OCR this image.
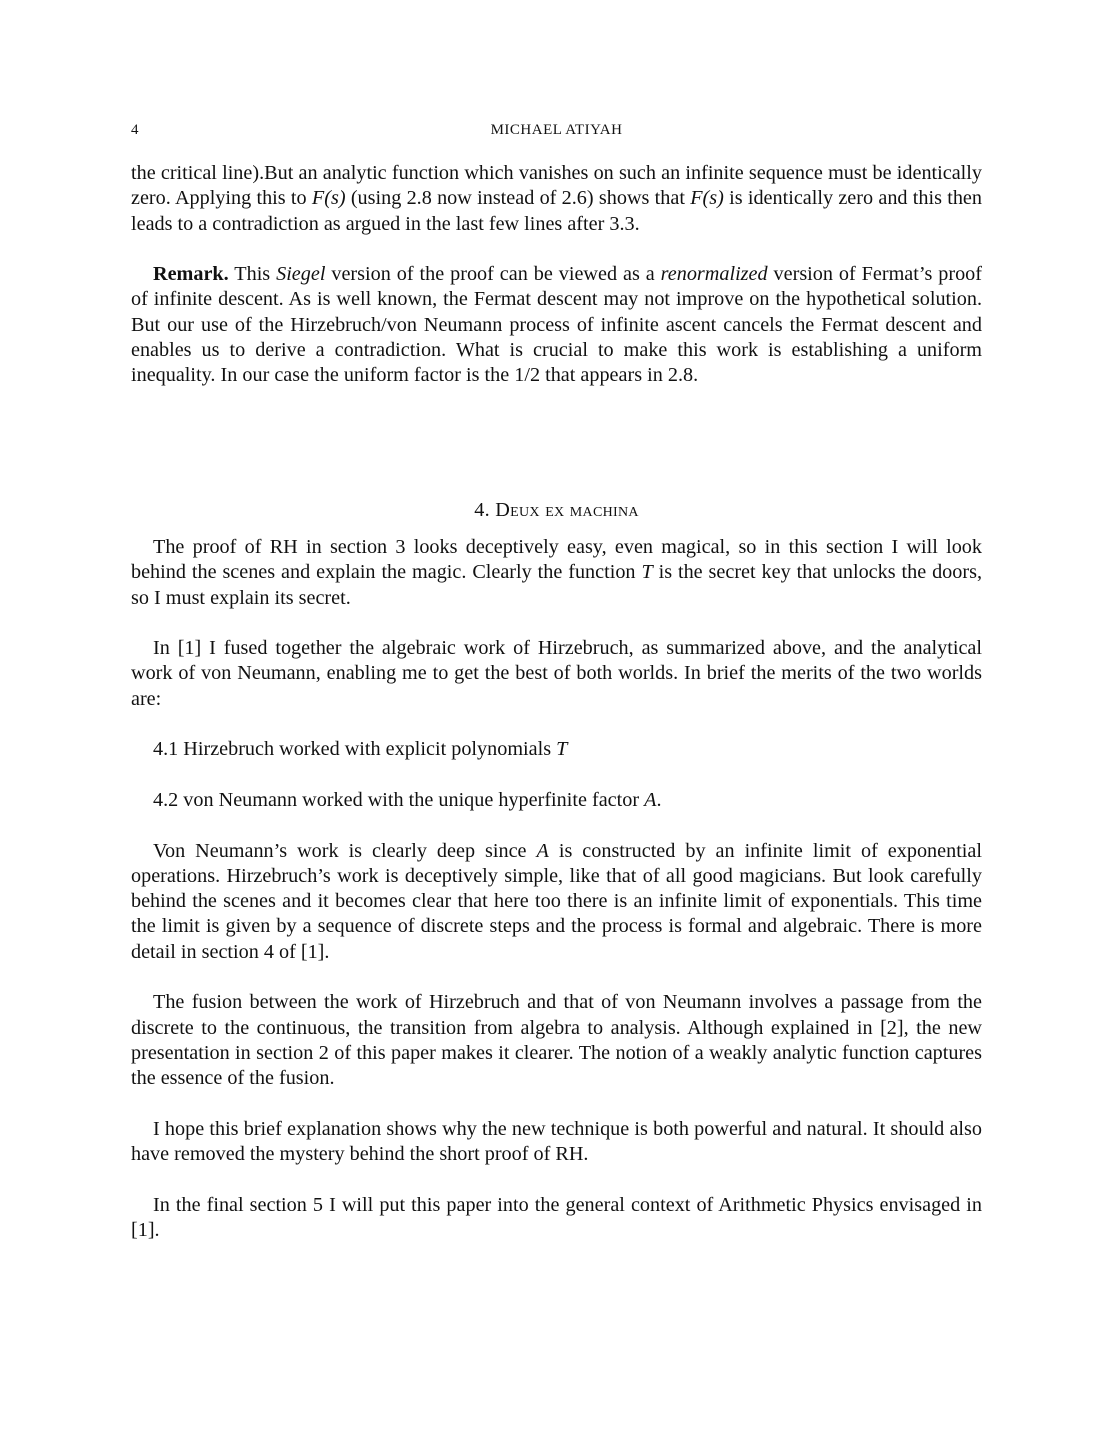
4	MICHAEL ATIYAH

the critical line).But an analytic function which vanishes on such an infinite sequence must be identically zero. Applying this to F(s) (using 2.8 now instead of 2.6) shows that F(s) is identically zero and this then leads to a contradiction as argued in the last few lines after 3.3.

Remark. This Siegel version of the proof can be viewed as a renormalized version of Fermat’s proof of infinite descent. As is well known, the Fermat descent may not improve on the hypothetical solution. But our use of the Hirzebruch/von Neumann process of infinite ascent cancels the Fermat descent and enables us to derive a contradiction. What is crucial to make this work is establishing a uniform inequality. In our case the uniform factor is the 1/2 that appears in 2.8.

4. Deux ex machina

The proof of RH in section 3 looks deceptively easy, even magical, so in this section I will look behind the scenes and explain the magic. Clearly the function T is the secret key that unlocks the doors, so I must explain its secret.

In [1] I fused together the algebraic work of Hirzebruch, as summarized above, and the analytical work of von Neumann, enabling me to get the best of both worlds. In brief the merits of the two worlds are:

4.1 Hirzebruch worked with explicit polynomials T

4.2 von Neumann worked with the unique hyperfinite factor A.

Von Neumann’s work is clearly deep since A is constructed by an infinite limit of exponential operations. Hirzebruch’s work is deceptively simple, like that of all good magicians. But look carefully behind the scenes and it becomes clear that here too there is an infinite limit of exponentials. This time the limit is given by a sequence of discrete steps and the process is formal and algebraic. There is more detail in section 4 of [1].

The fusion between the work of Hirzebruch and that of von Neumann involves a passage from the discrete to the continuous, the transition from algebra to analysis. Although explained in [2], the new presentation in section 2 of this paper makes it clearer. The notion of a weakly analytic function captures the essence of the fusion.

I hope this brief explanation shows why the new technique is both powerful and natural. It should also have removed the mystery behind the short proof of RH.

In the final section 5 I will put this paper into the general context of Arithmetic Physics envisaged in [1].
